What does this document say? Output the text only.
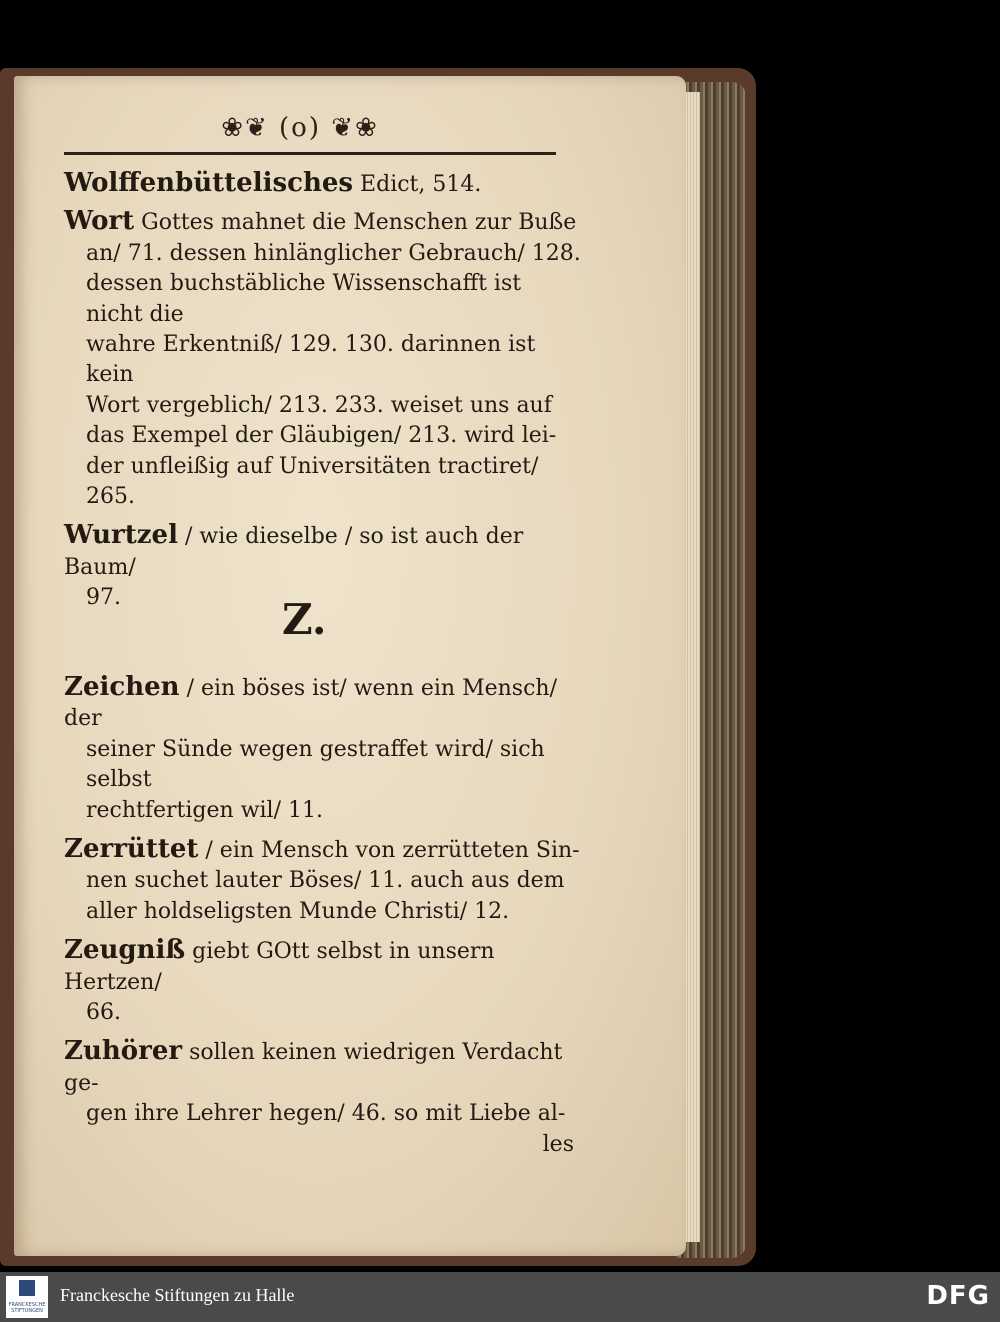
❀❦ (o) ❦❀

Wolffenbüttelisches Edict, 514.

Wort Gottes mahnet die Menschen zur Buße
an/ 71. dessen hinlänglicher Gebrauch/ 128.
dessen buchstäbliche Wissenschafft ist nicht die
wahre Erkentniß/ 129. 130. darinnen ist kein
Wort vergeblich/ 213. 233. weiset uns auf
das Exempel der Gläubigen/ 213. wird lei-
der unfleißig auf Universitäten tractiret/
265.

Wurtzel / wie dieselbe / so ist auch der Baum/
97.	Z.

Zeichen / ein böses ist/ wenn ein Mensch/ der
seiner Sünde wegen gestraffet wird/ sich selbst
rechtfertigen wil/ 11.

Zerrüttet / ein Mensch von zerrütteten Sin-
nen suchet lauter Böses/ 11. auch aus dem
aller holdseligsten Munde Christi/ 12.

Zeugniß giebt GOtt selbst in unsern Hertzen/
66.

Zuhörer sollen keinen wiedrigen Verdacht ge-
gen ihre Lehrer hegen/ 46. so mit Liebe al-
les

FRANCKESCHE STIFTUNGEN
Franckesche Stiftungen zu Halle	DFG
